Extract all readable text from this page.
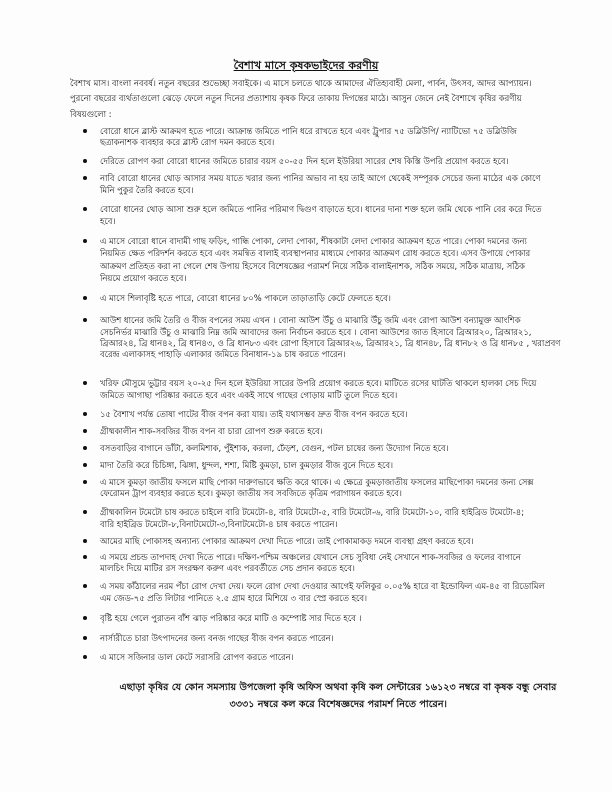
বৈশাখ মাসে কৃষকভাইদের করণীয়
বৈশাখ মাস। বাংলা নববর্ষ। নতুন বছরের শুভেচ্ছা সবাইকে। এ মাসে চলতে থাকে আমাদের ঐতিহ্যবাহী মেলা, পার্বন, উৎসব, আদর আপ্যায়ন।
পুরনো বছরের ব্যর্থতাগুলো ঝেড়ে ফেলে নতুন দিনের প্রত্যাশায় কৃষক ফিরে তাকায় দিগন্তের মাঠে। আসুন জেনে নেই বৈশাখে কৃষির করণীয়
বিষয়গুলো :
বোরো ধানে ব্লাস্ট আক্রমণ হতে পারে। আক্রান্ত জমিতে পানি ধরে রাখতে হবে এবং ট্রুপার ৭৫ ডব্লিউপি/ ন্যাটিভো ৭৫ ডব্লিউজি
ছত্রাকনাশক ব্যবহার করে ব্লাস্ট রোগ দমন করতে হবে।
দেরিতে রোপণ করা বোরো ধানের জমিতে চারার বয়স ৫০-৫৫ দিন হলে ইউরিয়া সারের শেষ কিস্তি উপরি প্রয়োগ করতে হবে।
নাবি বোরো ধানের থোড় আসার সময় যাতে খরার জন্য পানির অভাব না হয় তাই আগে থেকেই সম্পূরক সেচের জন্য মাঠের এক কোণে
মিনি পুকুর তৈরি করতে হবে।
বোরো ধানের থোড় আসা শুরু হলে জমিতে পানির পরিমাণ দ্বিগুণ বাড়াতে হবে। ধানের দানা শক্ত হলে জমি থেকে পানি বের করে দিতে
হবে।
এ মাসে বোরো ধানে বাদামী গাছ ফড়িং, গান্ধি পোকা, লেদা পোকা, শীষকাটা লেদা পোকার আক্রমণ হতে পারে। পোকা দমনের জন্য
নিয়মিত ক্ষেত পরিদর্শন করতে হবে এবং সমন্বিত বালাই ব্যবস্থাপনার মাধ্যমে পোকার আক্রমণ রোধ করতে হবে। এসব উপায়ে পোকার
আক্রমণ প্রতিহত করা না গেলে শেষ উপায় হিসেবে বিশেষজ্ঞের পরামর্শ নিয়ে সঠিক বালাইনাশক, সঠিক সময়ে, সঠিক মাত্রায়, সঠিক
নিয়মে প্রয়োগ করতে হবে।
এ মাসে শিলাবৃষ্টি হতে পারে, বোরো ধানের ৮০% পাকলে তাড়াতাড়ি কেটে ফেলতে হবে।
আউশ ধানের জমি তৈরি ও বীজ বপনের সময় এখন । বোনা আউশ উঁচু ও মাঝারি উঁচু জমি এবং রোপা আউশ বন্যামুক্ত আংশিক
সেচনির্ভর মাঝারি উঁচু ও মাঝারি নিম্ন জমি আবাদের জন্য নির্বাচন করতে হবে । বোনা আউশের জাত হিসাবে ব্রিআর২০, ব্রিআর২১,
ব্রিআর২৪, ব্রি ধান৪২, ব্রি ধান৪৩, ও ব্রি ধান৮৩ এবং রোপা হিসাবে ব্রিআর২৬, ব্রিআর২১, ব্রি ধান৪৮, ব্রি ধান৮২ ও ব্রি ধান৮৫ , খরাপ্রবণ
বরেন্দ্র এলাকাসহ পাহাড়ি এলাকার জমিতে বিনাধান-১৯ চাষ করতে পারেন।
খরিফ মৌসুমে ভুট্টার বয়স ২০-২৫ দিন হলে ইউরিয়া সারের উপরি প্রয়োগ করতে হবে। মাটিতে রসের ঘাটতি থাকলে হালকা সেচ দিয়ে
জমিতে আগাছা পরিষ্কার করতে হবে এবং একই সাথে গাছের গোড়ায় মাটি তুলে দিতে হবে।
১৫ বৈশাখ পর্যন্ত তোষা পাটের বীজ বপন করা যায়। তাই যথাসম্ভব দ্রুত বীজ বপন করতে হবে।
গ্রীষ্মকালীন শাক-সবজির বীজ বপন বা চারা রোপণ শুরু করতে হবে।
বসতবাড়ির বাগানে ডাঁটা, কলমিশাক, পুঁইশাক, করলা, ঢেঁড়শ, বেগুন, পটল চাষের জন্য উদ্যোগ নিতে হবে।
মাদা তৈরি করে চিচিঙ্গা, ঝিঙ্গা, ধুন্দল, শশা, মিষ্টি কুমড়া, চাল কুমড়ার বীজ বুনে দিতে হবে।
এ মাসে কুমড়া জাতীয় ফসলে মাছি পোকা দারুণভাবে ক্ষতি করে থাকে। এ ক্ষেত্রে কুমড়াজাতীয় ফসলের মাছিপোকা দমনের জন্য সেক্স
ফেরোমন ট্রাপ ব্যবহার করতে হবে। কুমড়া জাতীয় সব সবজিতে কৃত্রিম পরাগায়ন করতে হবে।
গ্রীষ্মকালিন টমেটো চাষ করতে চাইলে বারি টমেটো-৪, বারি টমেটো-৫, বারি টমেটো-৬, বারি টমেটো-১০, বারি হাইব্রিড টমেটো-৪;
বারি হাইব্রিড টমেটো-৮,বিনাটমেটো-৩,বিনাটমেটো-৪ চাষ করতে পারেন।
আমের মাছি পোকাসহ অন্যান্য পোকার আক্রমণ দেখা দিতে পারে। তাই পোকামাকড় দমনে ব্যবস্থা গ্রহণ করতে হবে।
এ সময়ে প্রচন্ড তাপদাহ দেখা দিতে পারে। দক্ষিণ-পশ্চিম অঞ্চলের যেখানে সেচ সুবিধা নেই সেখানে শাক-সবজির ও ফলের বাগানে
মালচিং দিয়ে মাটির রস সংরক্ষণ করুণ এবং পরবর্তীতে সেচ প্রদান করতে হবে।
এ সময় কাঁঠালের নরম পঁচা রোগ দেখা দেয়। ফলে রোগ দেখা দেওয়ার আগেই ফলিকুর ০.০৫% হারে বা ইন্ডোফিল এম-৪৫ বা রিডোমিল
এম জেড-৭৫ প্রতি লিটার পানিতে ২.৫ গ্রাম হারে মিশিয়ে ৩ বার স্প্রে করতে হবে।
বৃষ্টি হয়ে গেলে পুরাতন বাঁশ ঝাড় পরিষ্কার করে মাটি ও কম্পোষ্ট সার দিতে হবে ।
নার্সারীতে চারা উৎপাদনের জন্য বনজ গাছের বীজ বপন করতে পারেন।
এ মাসে সজিনার ডাল কেটে সরাসরি রোপণ করতে পারেন।
এছাড়া কৃষির যে কোন সমস্যায় উপজেলা কৃষি অফিস অথবা কৃষি কল সেন্টারের ১৬১২৩ নম্বরে বা কৃষক বন্ধু সেবার
৩৩৩১ নম্বরে কল করে বিশেষজ্ঞদের পরামর্শ নিতে পারেন।
